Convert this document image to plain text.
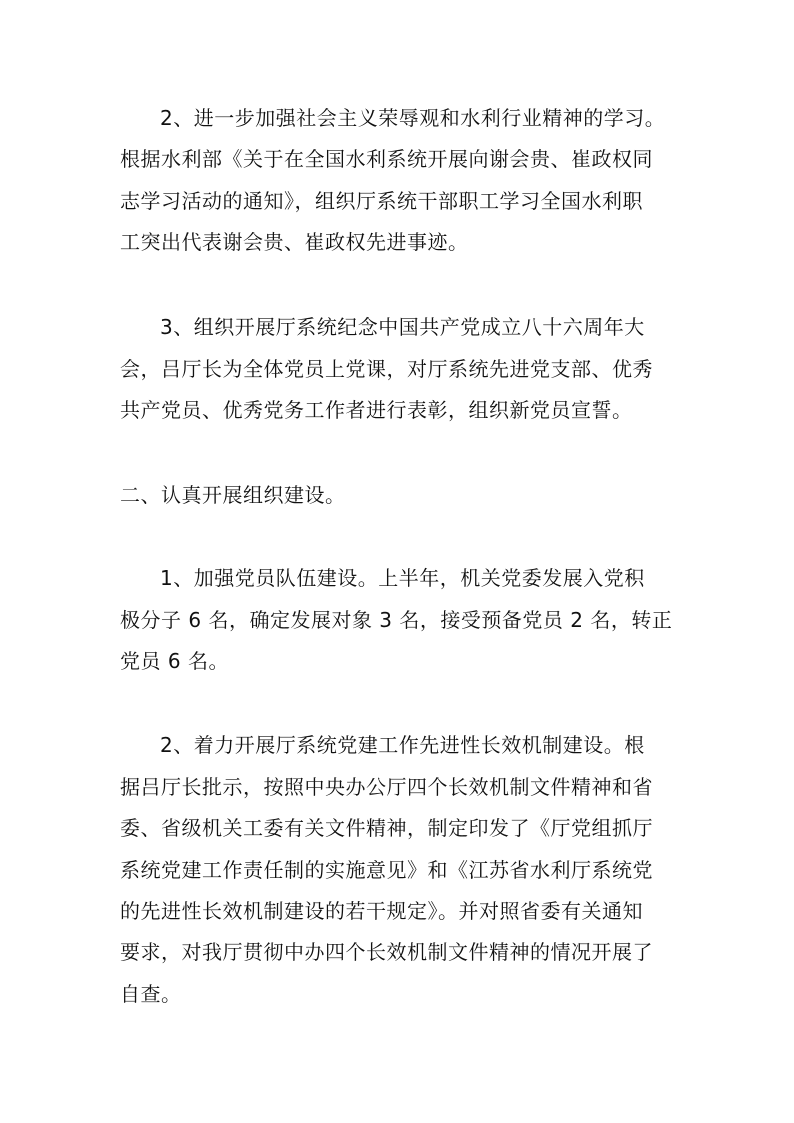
2、进一步加强社会主义荣辱观和水利行业精神的学习。
根据水利部《关于在全国水利系统开展向谢会贵、崔政权同
志学习活动的通知》，组织厅系统干部职工学习全国水利职
工突出代表谢会贵、崔政权先进事迹。
3、组织开展厅系统纪念中国共产党成立八十六周年大
会，吕厅长为全体党员上党课，对厅系统先进党支部、优秀
共产党员、优秀党务工作者进行表彰，组织新党员宣誓。
二、认真开展组织建设。
1、加强党员队伍建设。上半年，机关党委发展入党积
极分子 6 名，确定发展对象 3 名，接受预备党员 2 名，转正
党员 6 名。
2、着力开展厅系统党建工作先进性长效机制建设。根
据吕厅长批示，按照中央办公厅四个长效机制文件精神和省
委、省级机关工委有关文件精神，制定印发了《厅党组抓厅
系统党建工作责任制的实施意见》和《江苏省水利厅系统党
的先进性长效机制建设的若干规定》。并对照省委有关通知
要求，对我厅贯彻中办四个长效机制文件精神的情况开展了
自查。
